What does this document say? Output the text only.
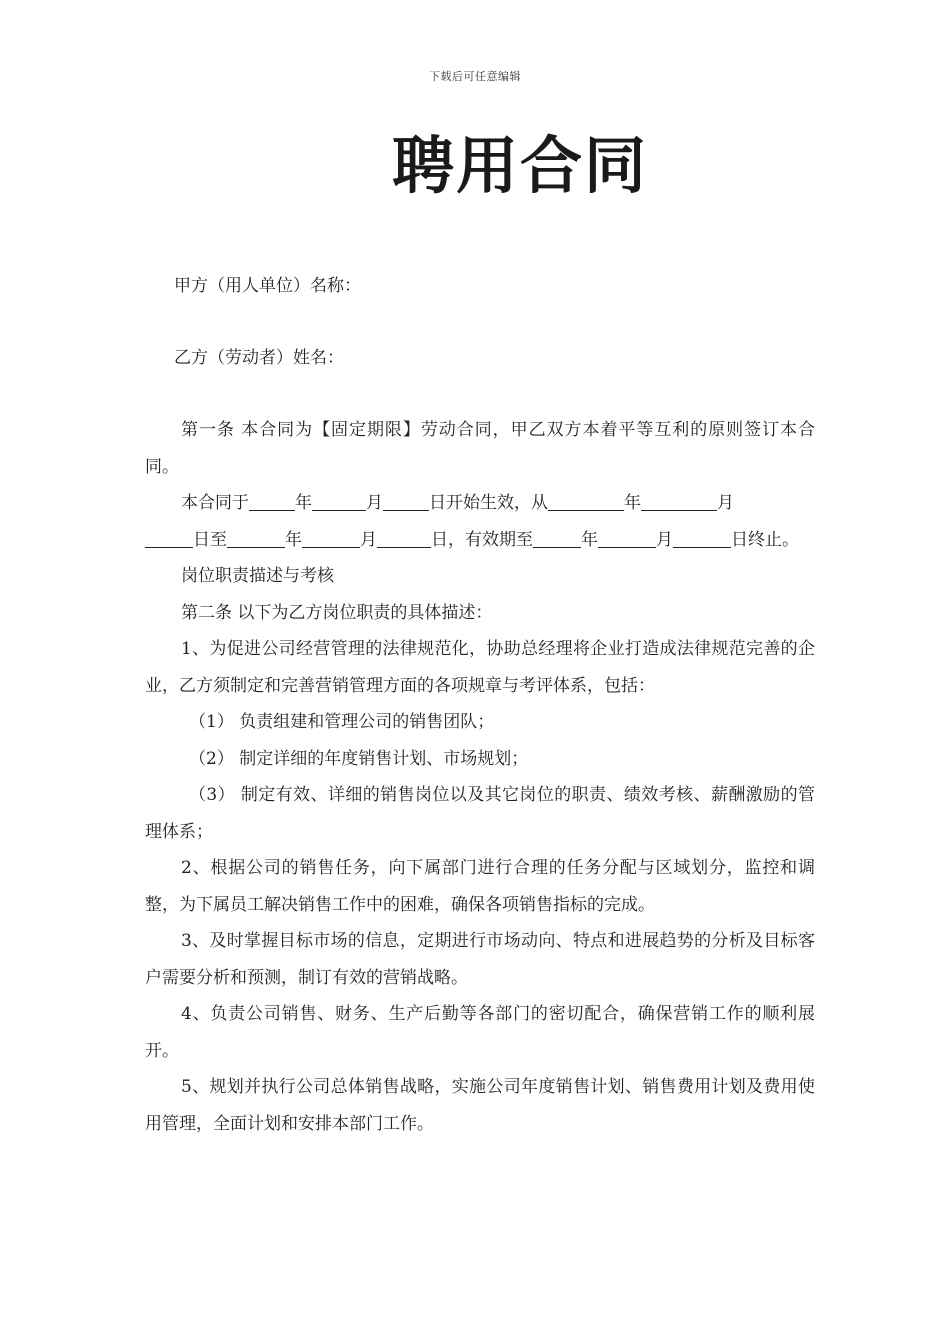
下载后可任意编辑
聘用合同
甲方（用人单位）名称：
乙方（劳动者）姓名：

第一条 本合同为【固定期限】劳动合同，甲乙双方本着平等互利的原则签订本合同。

本合同于	年	月	日开始生效，从	年	月

日至	年	月	日，有效期至	年	月	日终止。

岗位职责描述与考核

第二条 以下为乙方岗位职责的具体描述：

1、为促进公司经营管理的法律规范化，协助总经理将企业打造成法律规范完善的企业，乙方须制定和完善营销管理方面的各项规章与考评体系，包括：

（1） 负责组建和管理公司的销售团队；

（2） 制定详细的年度销售计划、市场规划；

（3） 制定有效、详细的销售岗位以及其它岗位的职责、绩效考核、薪酬激励的管理体系；

2、根据公司的销售任务，向下属部门进行合理的任务分配与区域划分，监控和调整，为下属员工解决销售工作中的困难，确保各项销售指标的完成。

3、及时掌握目标市场的信息，定期进行市场动向、特点和进展趋势的分析及目标客户需要分析和预测，制订有效的营销战略。

4、负责公司销售、财务、生产后勤等各部门的密切配合，确保营销工作的顺利展开。

5、规划并执行公司总体销售战略，实施公司年度销售计划、销售费用计划及费用使用管理，全面计划和安排本部门工作。
